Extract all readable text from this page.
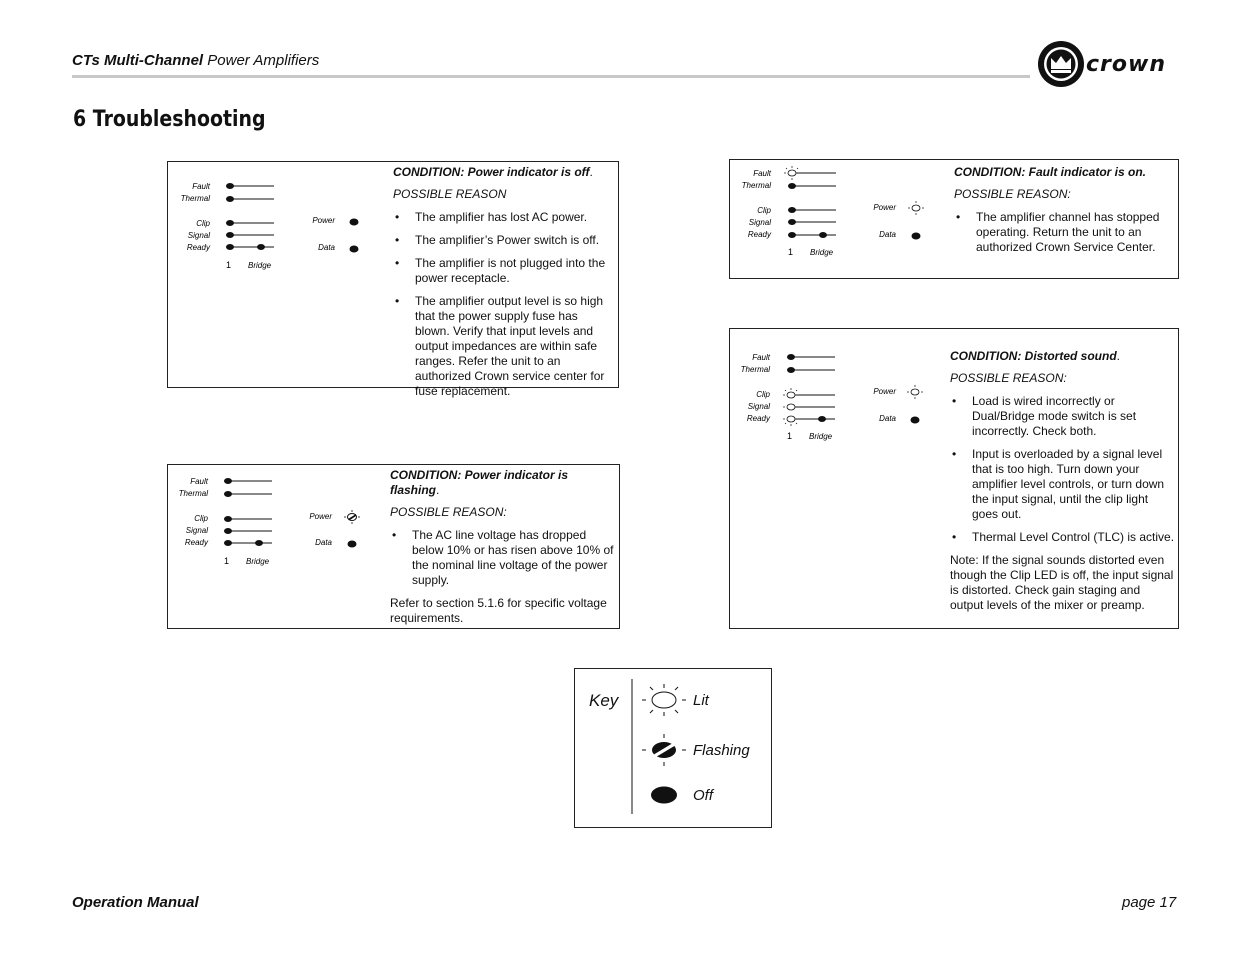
CTs Multi-Channel Power Amplifiers	crown
6 Troubleshooting
Fault
Thermal
Clip
Signal
Ready
1 Bridge
Power
Data
CONDITION: Power indicator is off.
POSSIBLE REASON
• The amplifier has lost AC power.
• The amplifier’s Power switch is off.
• The amplifier is not plugged into the power receptacle.
• The amplifier output level is so high that the power supply fuse has blown. Verify that input levels and output impedances are within safe ranges. Refer the unit to an authorized Crown service center for fuse replacement.
Fault
Thermal
Clip
Signal
Ready
1 Bridge
Power
Data
CONDITION: Power indicator is flashing.
POSSIBLE REASON:
• The AC line voltage has dropped below 10% or has risen above 10% of the nominal line voltage of the power supply.

Refer to section 5.1.6 for specific voltage requirements.

Fault
Thermal
Clip
Signal
Ready
1 Bridge
Power
Data
CONDITION: Fault indicator is on.
POSSIBLE REASON:
• The amplifier channel has stopped operating. Return the unit to an authorized Crown Service Center.
Fault
Thermal
Clip
Signal
Ready
1 Bridge
Power
Data
CONDITION: Distorted sound.
POSSIBLE REASON:
• Load is wired incorrectly or Dual/Bridge mode switch is set incorrectly. Check both.
• Input is overloaded by a signal level that is too high. Turn down your amplifier level controls, or turn down the input signal, until the clip light goes out.
• Thermal Level Control (TLC) is active.

Note: If the signal sounds distorted even though the Clip LED is off, the input signal is distorted. Check gain staging and output levels of the mixer or preamp.

Key	Lit
Flashing
Off
Operation Manual	page 17
